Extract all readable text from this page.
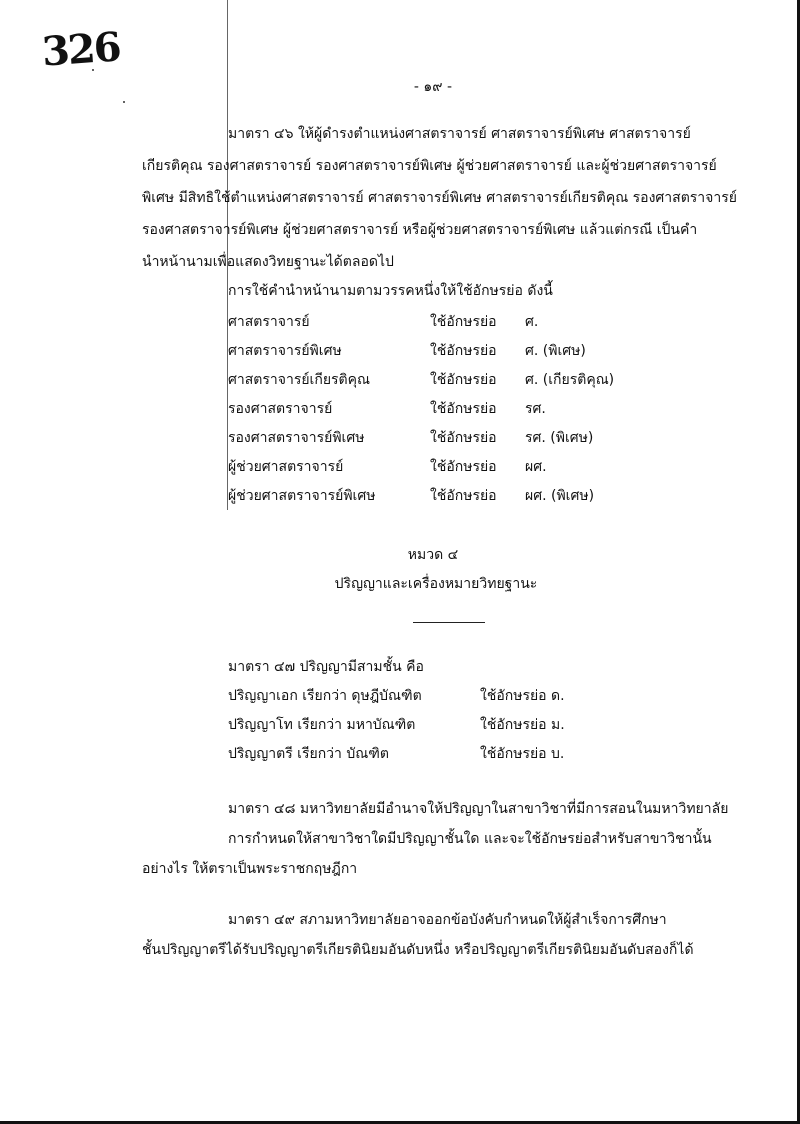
326
- ๑๙ -
มาตรา ๔๖ ให้ผู้ดำรงตำแหน่งศาสตราจารย์ ศาสตราจารย์พิเศษ ศาสตราจารย์
เกียรติคุณ รองศาสตราจารย์ รองศาสตราจารย์พิเศษ ผู้ช่วยศาสตราจารย์ และผู้ช่วยศาสตราจารย์
พิเศษ มีสิทธิใช้ตำแหน่งศาสตราจารย์ ศาสตราจารย์พิเศษ ศาสตราจารย์เกียรติคุณ รองศาสตราจารย์
รองศาสตราจารย์พิเศษ ผู้ช่วยศาสตราจารย์ หรือผู้ช่วยศาสตราจารย์พิเศษ แล้วแต่กรณี เป็นคำ
นำหน้านามเพื่อแสดงวิทยฐานะได้ตลอดไป
การใช้คำนำหน้านามตามวรรคหนึ่งให้ใช้อักษรย่อ ดังนี้
ศาสตราจารย์	ใช้อักษรย่อ ศ.
ศาสตราจารย์พิเศษ	ใช้อักษรย่อ ศ. (พิเศษ)
ศาสตราจารย์เกียรติคุณ	ใช้อักษรย่อ ศ. (เกียรติคุณ)
รองศาสตราจารย์	ใช้อักษรย่อ รศ.
รองศาสตราจารย์พิเศษ	ใช้อักษรย่อ รศ. (พิเศษ)
ผู้ช่วยศาสตราจารย์	ใช้อักษรย่อ ผศ.
ผู้ช่วยศาสตราจารย์พิเศษ	ใช้อักษรย่อ ผศ. (พิเศษ)
หมวด ๔
ปริญญาและเครื่องหมายวิทยฐานะ
มาตรา ๔๗ ปริญญามีสามชั้น คือ
ปริญญาเอก เรียกว่า ดุษฎีบัณฑิต	ใช้อักษรย่อ ด.
ปริญญาโท เรียกว่า มหาบัณฑิต	ใช้อักษรย่อ ม.
ปริญญาตรี เรียกว่า บัณฑิต	ใช้อักษรย่อ บ.
มาตรา ๔๘ มหาวิทยาลัยมีอำนาจให้ปริญญาในสาขาวิชาที่มีการสอนในมหาวิทยาลัย
การกำหนดให้สาขาวิชาใดมีปริญญาชั้นใด และจะใช้อักษรย่อสำหรับสาขาวิชานั้น
อย่างไร ให้ตราเป็นพระราชกฤษฎีกา
มาตรา ๔๙ สภามหาวิทยาลัยอาจออกข้อบังคับกำหนดให้ผู้สำเร็จการศึกษา
ชั้นปริญญาตรีได้รับปริญญาตรีเกียรตินิยมอันดับหนึ่ง หรือปริญญาตรีเกียรตินิยมอันดับสองก็ได้
